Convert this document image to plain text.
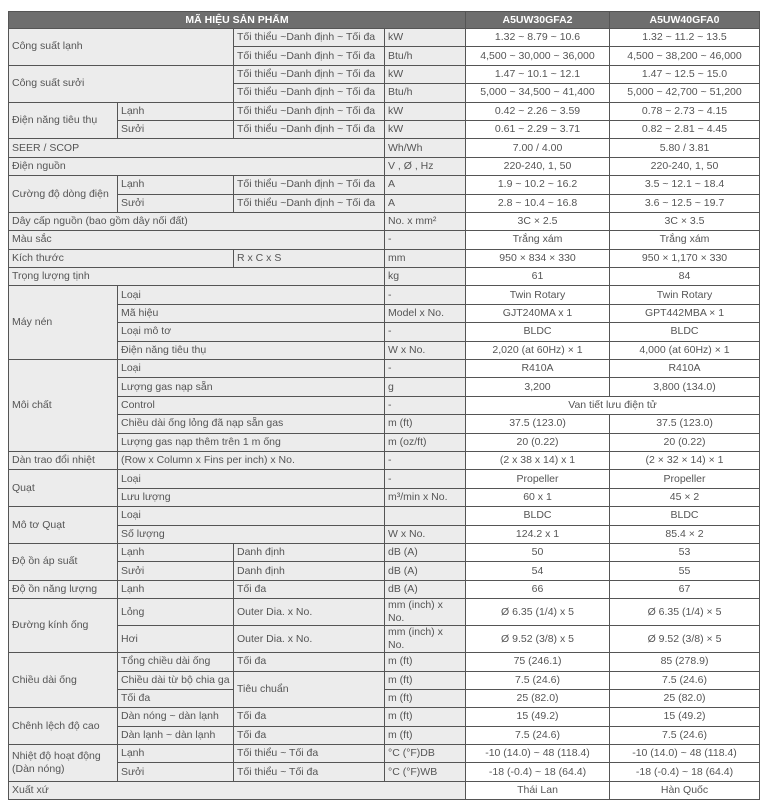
MÃ HIỆU SẢN PHẨM				A5UW30GFA2	A5UW40GFA0
Công suất lạnh		Tối thiểu ~Danh định ~ Tối đa	kW	1.32 ~ 8.79 ~ 10.6	1.32 ~ 11.2 ~ 13.5
		Tối thiểu ~Danh định ~ Tối đa	Btu/h	4,500 ~ 30,000 ~ 36,000	4,500 ~ 38,200 ~ 46,000
Công suất sưởi		Tối thiểu ~Danh định ~ Tối đa	kW	1.47 ~ 10.1 ~ 12.1	1.47 ~ 12.5 ~ 15.0
		Tối thiểu ~Danh định ~ Tối đa	Btu/h	5,000 ~ 34,500 ~ 41,400	5,000 ~ 42,700 ~ 51,200
Điện năng tiêu thụ	Lạnh	Tối thiểu ~Danh định ~ Tối đa	kW	0.42 ~ 2.26 ~ 3.59	0.78 ~ 2.73 ~ 4.15
	Sưởi	Tối thiểu ~Danh định ~ Tối đa	kW	0.61 ~ 2.29 ~ 3.71	0.82 ~ 2.81 ~ 4.45
SEER / SCOP			Wh/Wh	7.00 / 4.00	5.80 / 3.81
Điện nguồn			V , Ø , Hz	220-240, 1, 50	220-240, 1, 50
Cường độ dòng điện	Lạnh	Tối thiểu ~Danh định ~ Tối đa	A	1.9 ~ 10.2 ~ 16.2	3.5 ~ 12.1 ~ 18.4
	Sưởi	Tối thiểu ~Danh định ~ Tối đa	A	2.8 ~ 10.4 ~ 16.8	3.6 ~ 12.5 ~ 19.7
Dây cấp nguồn (bao gồm dây nối đất)			No. x mm²	3C × 2.5	3C × 3.5
Màu sắc			-	Trắng xám	Trắng xám
Kích thước		R x C x S	mm	950 × 834 × 330	950 × 1,170 × 330
Trọng lượng tịnh			kg	61	84
Máy nén	Loại		-	Twin Rotary	Twin Rotary
	Mã hiệu		Model x No.	GJT240MA x 1	GPT442MBA × 1
	Loại mô tơ		-	BLDC	BLDC
	Điện năng tiêu thụ		W x No.	2,020 (at 60Hz) × 1	4,000 (at 60Hz) × 1
Môi chất	Loại		-	R410A	R410A
	Lượng gas nạp sẵn		g	3,200	3,800 (134.0)
	Control		-	Van tiết lưu điện tử	
	Chiều dài ống lỏng đã nạp sẵn gas		m (ft)	37.5 (123.0)	37.5 (123.0)
	Lượng gas nạp thêm trên 1 m ống		m (oz/ft)	20 (0.22)	20 (0.22)
Dàn trao đổi nhiệt	(Row x Column x Fins per inch) x No.		-	(2 x 38 x 14) x 1	(2 × 32 × 14) × 1
Quạt	Loại		-	Propeller	Propeller
	Lưu lượng		m³/min x No.	60 x 1	45 × 2
Mô tơ Quạt	Loại			BLDC	BLDC
	Số lượng		W x No.	124.2 x 1	85.4 × 2
Độ ồn áp suất	Lạnh	Danh định	dB (A)	50	53
	Sưởi	Danh định	dB (A)	54	55
Độ ồn năng lượng	Lạnh	Tối đa	dB (A)	66	67
Đường kính ống	Lỏng	Outer Dia. x No.	mm (inch) x No.	Ø 6.35 (1/4) x 5	Ø 6.35 (1/4) × 5
	Hơi	Outer Dia. x No.	mm (inch) x No.	Ø 9.52 (3/8) x 5	Ø 9.52 (3/8) × 5
Chiều dài ống	Tổng chiều dài ống	Tối đa	m (ft)	75 (246.1)	85 (278.9)
	Chiều dài từ bộ chia ga	Tiêu chuẩn	m (ft)	7.5 (24.6)	7.5 (24.6)
	Tối đa		m (ft)	25 (82.0)	25 (82.0)
Chênh lệch độ cao	Dàn nóng ~ dàn lạnh	Tối đa	m (ft)	15 (49.2)	15 (49.2)
	Dàn lạnh ~ dàn lạnh	Tối đa	m (ft)	7.5 (24.6)	7.5 (24.6)
Nhiệt độ hoạt động (Dàn nóng)	Lạnh	Tối thiểu ~ Tối đa	°C (°F)DB	-10 (14.0) ~ 48 (118.4)	-10 (14.0) ~ 48 (118.4)
	Sưởi	Tối thiểu ~ Tối đa	°C (°F)WB	-18 (-0.4) ~ 18 (64.4)	-18 (-0.4) ~ 18 (64.4)
Xuất xứ				Thái Lan	Hàn Quốc
